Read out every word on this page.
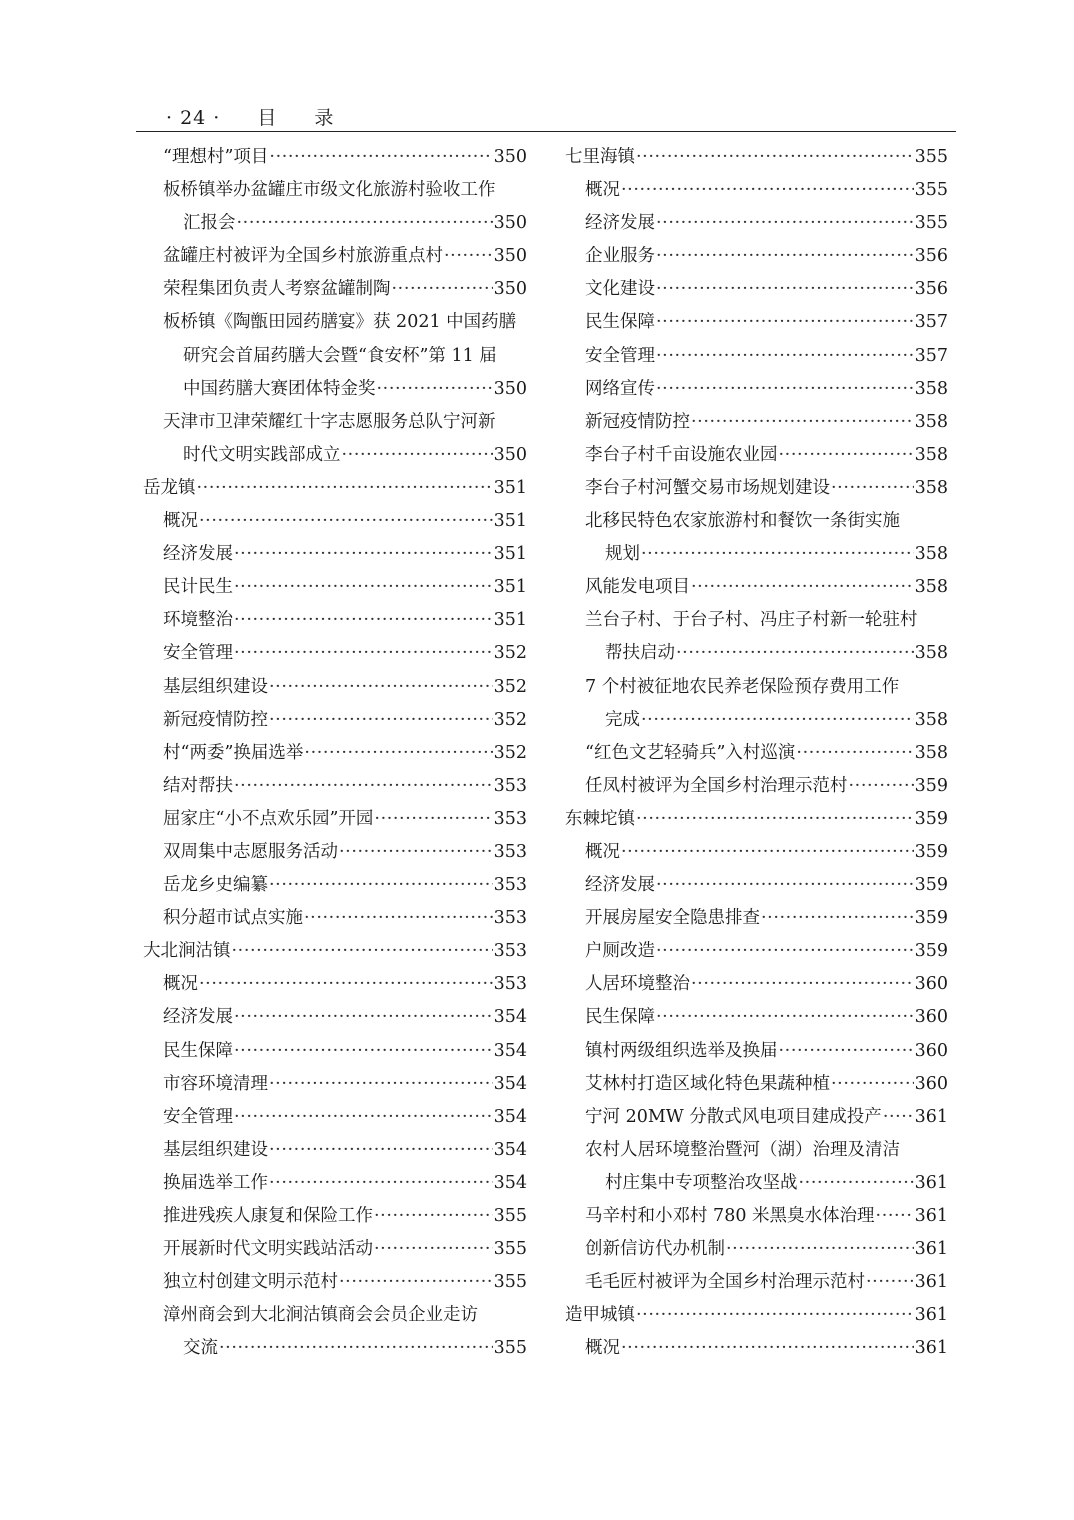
· 24 · 目 录
“理想村”项目 ·····	350
板桥镇举办盆罐庄市级文化旅游村验收工作
汇报会 ·····	350
盆罐庄村被评为全国乡村旅游重点村 ·····	350
荣程集团负责人考察盆罐制陶 ·····	350
板桥镇《陶甑田园药膳宴》获 2021 中国药膳
研究会首届药膳大会暨“食安杯”第 11 届
中国药膳大赛团体特金奖 ·····	350
天津市卫津荣耀红十字志愿服务总队宁河新
时代文明实践部成立 ·····	350
岳龙镇 ·····	351
概况 ·····	351
经济发展 ·····	351
民计民生 ·····	351
环境整治 ·····	351
安全管理 ·····	352
基层组织建设 ·····	352
新冠疫情防控 ·····	352
村“两委”换届选举 ·····	352
结对帮扶 ·····	353
屈家庄“小不点欢乐园”开园 ·····	353
双周集中志愿服务活动 ·····	353
岳龙乡史编纂 ·····	353
积分超市试点实施 ·····	353
大北涧沽镇 ·····	353
概况 ·····	353
经济发展 ·····	354
民生保障 ·····	354
市容环境清理 ·····	354
安全管理 ·····	354
基层组织建设 ·····	354
换届选举工作 ·····	354
推进残疾人康复和保险工作 ·····	355
开展新时代文明实践站活动 ·····	355
独立村创建文明示范村 ·····	355
漳州商会到大北涧沽镇商会会员企业走访
交流 ·····	355
七里海镇 ·····	355
概况 ·····	355
经济发展 ·····	355
企业服务 ·····	356
文化建设 ·····	356
民生保障 ·····	357
安全管理 ·····	357
网络宣传 ·····	358
新冠疫情防控 ·····	358
李台子村千亩设施农业园 ·····	358
李台子村河蟹交易市场规划建设 ·····	358
北移民特色农家旅游村和餐饮一条街实施
规划 ·····	358
风能发电项目 ·····	358
兰台子村、于台子村、冯庄子村新一轮驻村
帮扶启动 ·····	358
7 个村被征地农民养老保险预存费用工作
完成 ·····	358
“红色文艺轻骑兵”入村巡演 ·····	358
任凤村被评为全国乡村治理示范村 ·····	359
东棘坨镇 ·····	359
概况 ·····	359
经济发展 ·····	359
开展房屋安全隐患排查 ·····	359
户厕改造 ·····	359
人居环境整治 ·····	360
民生保障 ·····	360
镇村两级组织选举及换届 ·····	360
艾林村打造区域化特色果蔬种植 ·····	360
宁河 20MW 分散式风电项目建成投产 ····· 361
农村人居环境整治暨河（湖）治理及清洁
村庄集中专项整治攻坚战 ·····	361
马辛村和小邓村 780 米黑臭水体治理 ····· 361
创新信访代办机制 ·····	361
毛毛匠村被评为全国乡村治理示范村 ·····	361
造甲城镇 ·····	361
概况 ·····	361
